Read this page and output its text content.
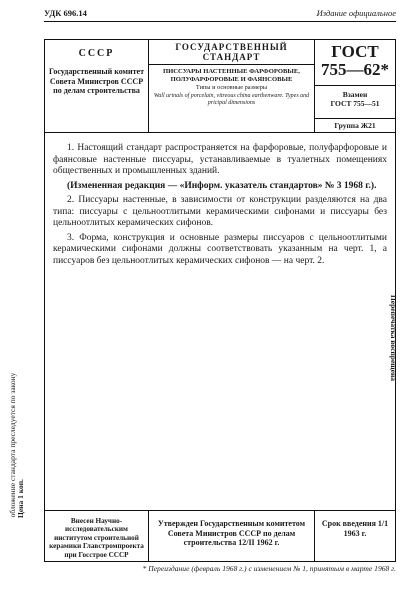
УДК 696.14	Издание официальное
СССР
Государственный комитет Совета Министров СССР по делам строительства
ГОСУДАРСТВЕННЫЙ
СТАНДАРТ
ПИССУАРЫ НАСТЕННЫЕ ФАРФОРОВЫЕ, ПОЛУФАРФОРОВЫЕ И ФАЯНСОВЫЕ
Типы и основные размеры
Wall urinals of porcelain, vitreous china earthenware. Types and pricipal dimensions
ГОСТ
755—62*
Взамен
ГОСТ 755—51
Группа Ж21

1. Настоящий стандарт распространяется на фарфоровые, полуфарфоровые и фаянсовые настенные писсуары, устанавливаемые в туалетных помещениях общественных и промышленных зданий.

(Измененная редакция — «Информ. указатель стандартов» № 3 1968 г.).

2. Писсуары настенные, в зависимости от конструкции разделяются на два типа: писсуары с цельноотлитыми керамическими сифонами и писсуары без цельноотлитых керамических сифонов.

3. Форма, конструкция и основные размеры писсуаров с цельноотлитыми керамическими сифонами должны соответствовать указанным на черт. 1, а писсуаров без цельноотлитых керамических сифонов — на черт. 2.

обложение стандарта преследуется по закону Цена 1 коп.
Перепечатка воспрещена
Внесен Научно-исследовательским институтом строительной керамики Главстромпроекта при Госстрое СССР
Утвержден Государственным комитетом Совета Министров СССР по делам строительства 12/II 1962 г.
Срок введения 1/1 1963 г.
* Переиздание (февраль 1968 г.) с изменением № 1, принятым в марте 1968 г.
